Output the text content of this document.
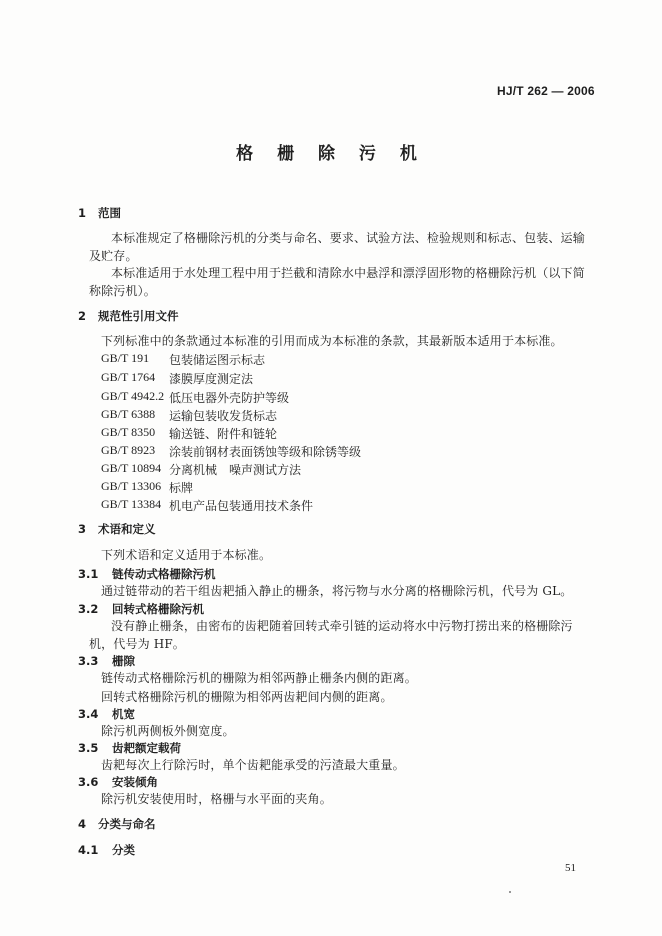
HJ/T 262 — 2006
格 栅 除 污 机
1 范围
本标准规定了格栅除污机的分类与命名、要求、试验方法、检验规则和标志、包装、运输及贮存。
本标准适用于水处理工程中用于拦截和清除水中悬浮和漂浮固形物的格栅除污机（以下简称除污机）。
2 规范性引用文件
下列标准中的条款通过本标准的引用而成为本标准的条款，其最新版本适用于本标准。
GB/T 191 包装储运图示标志
GB/T 1764 漆膜厚度测定法
GB/T 4942.2 低压电器外壳防护等级
GB/T 6388 运输包装收发货标志
GB/T 8350 输送链、附件和链轮
GB/T 8923 涂装前钢材表面锈蚀等级和除锈等级
GB/T 10894 分离机械　噪声测试方法
GB/T 13306 标牌
GB/T 13384 机电产品包装通用技术条件
3 术语和定义
下列术语和定义适用于本标准。
3.1 链传动式格栅除污机
通过链带动的若干组齿耙插入静止的栅条，将污物与水分离的格栅除污机，代号为 GL。
3.2 回转式格栅除污机
没有静止栅条，由密布的齿耙随着回转式牵引链的运动将水中污物打捞出来的格栅除污机，代号为 HF。
3.3 栅隙
链传动式格栅除污机的栅隙为相邻两静止栅条内侧的距离。
回转式格栅除污机的栅隙为相邻两齿耙间内侧的距离。
3.4 机宽
除污机两侧板外侧宽度。
3.5 齿耙额定载荷
齿耙每次上行除污时，单个齿耙能承受的污渣最大重量。
3.6 安装倾角
除污机安装使用时，格栅与水平面的夹角。
4 分类与命名
4.1 分类
51
